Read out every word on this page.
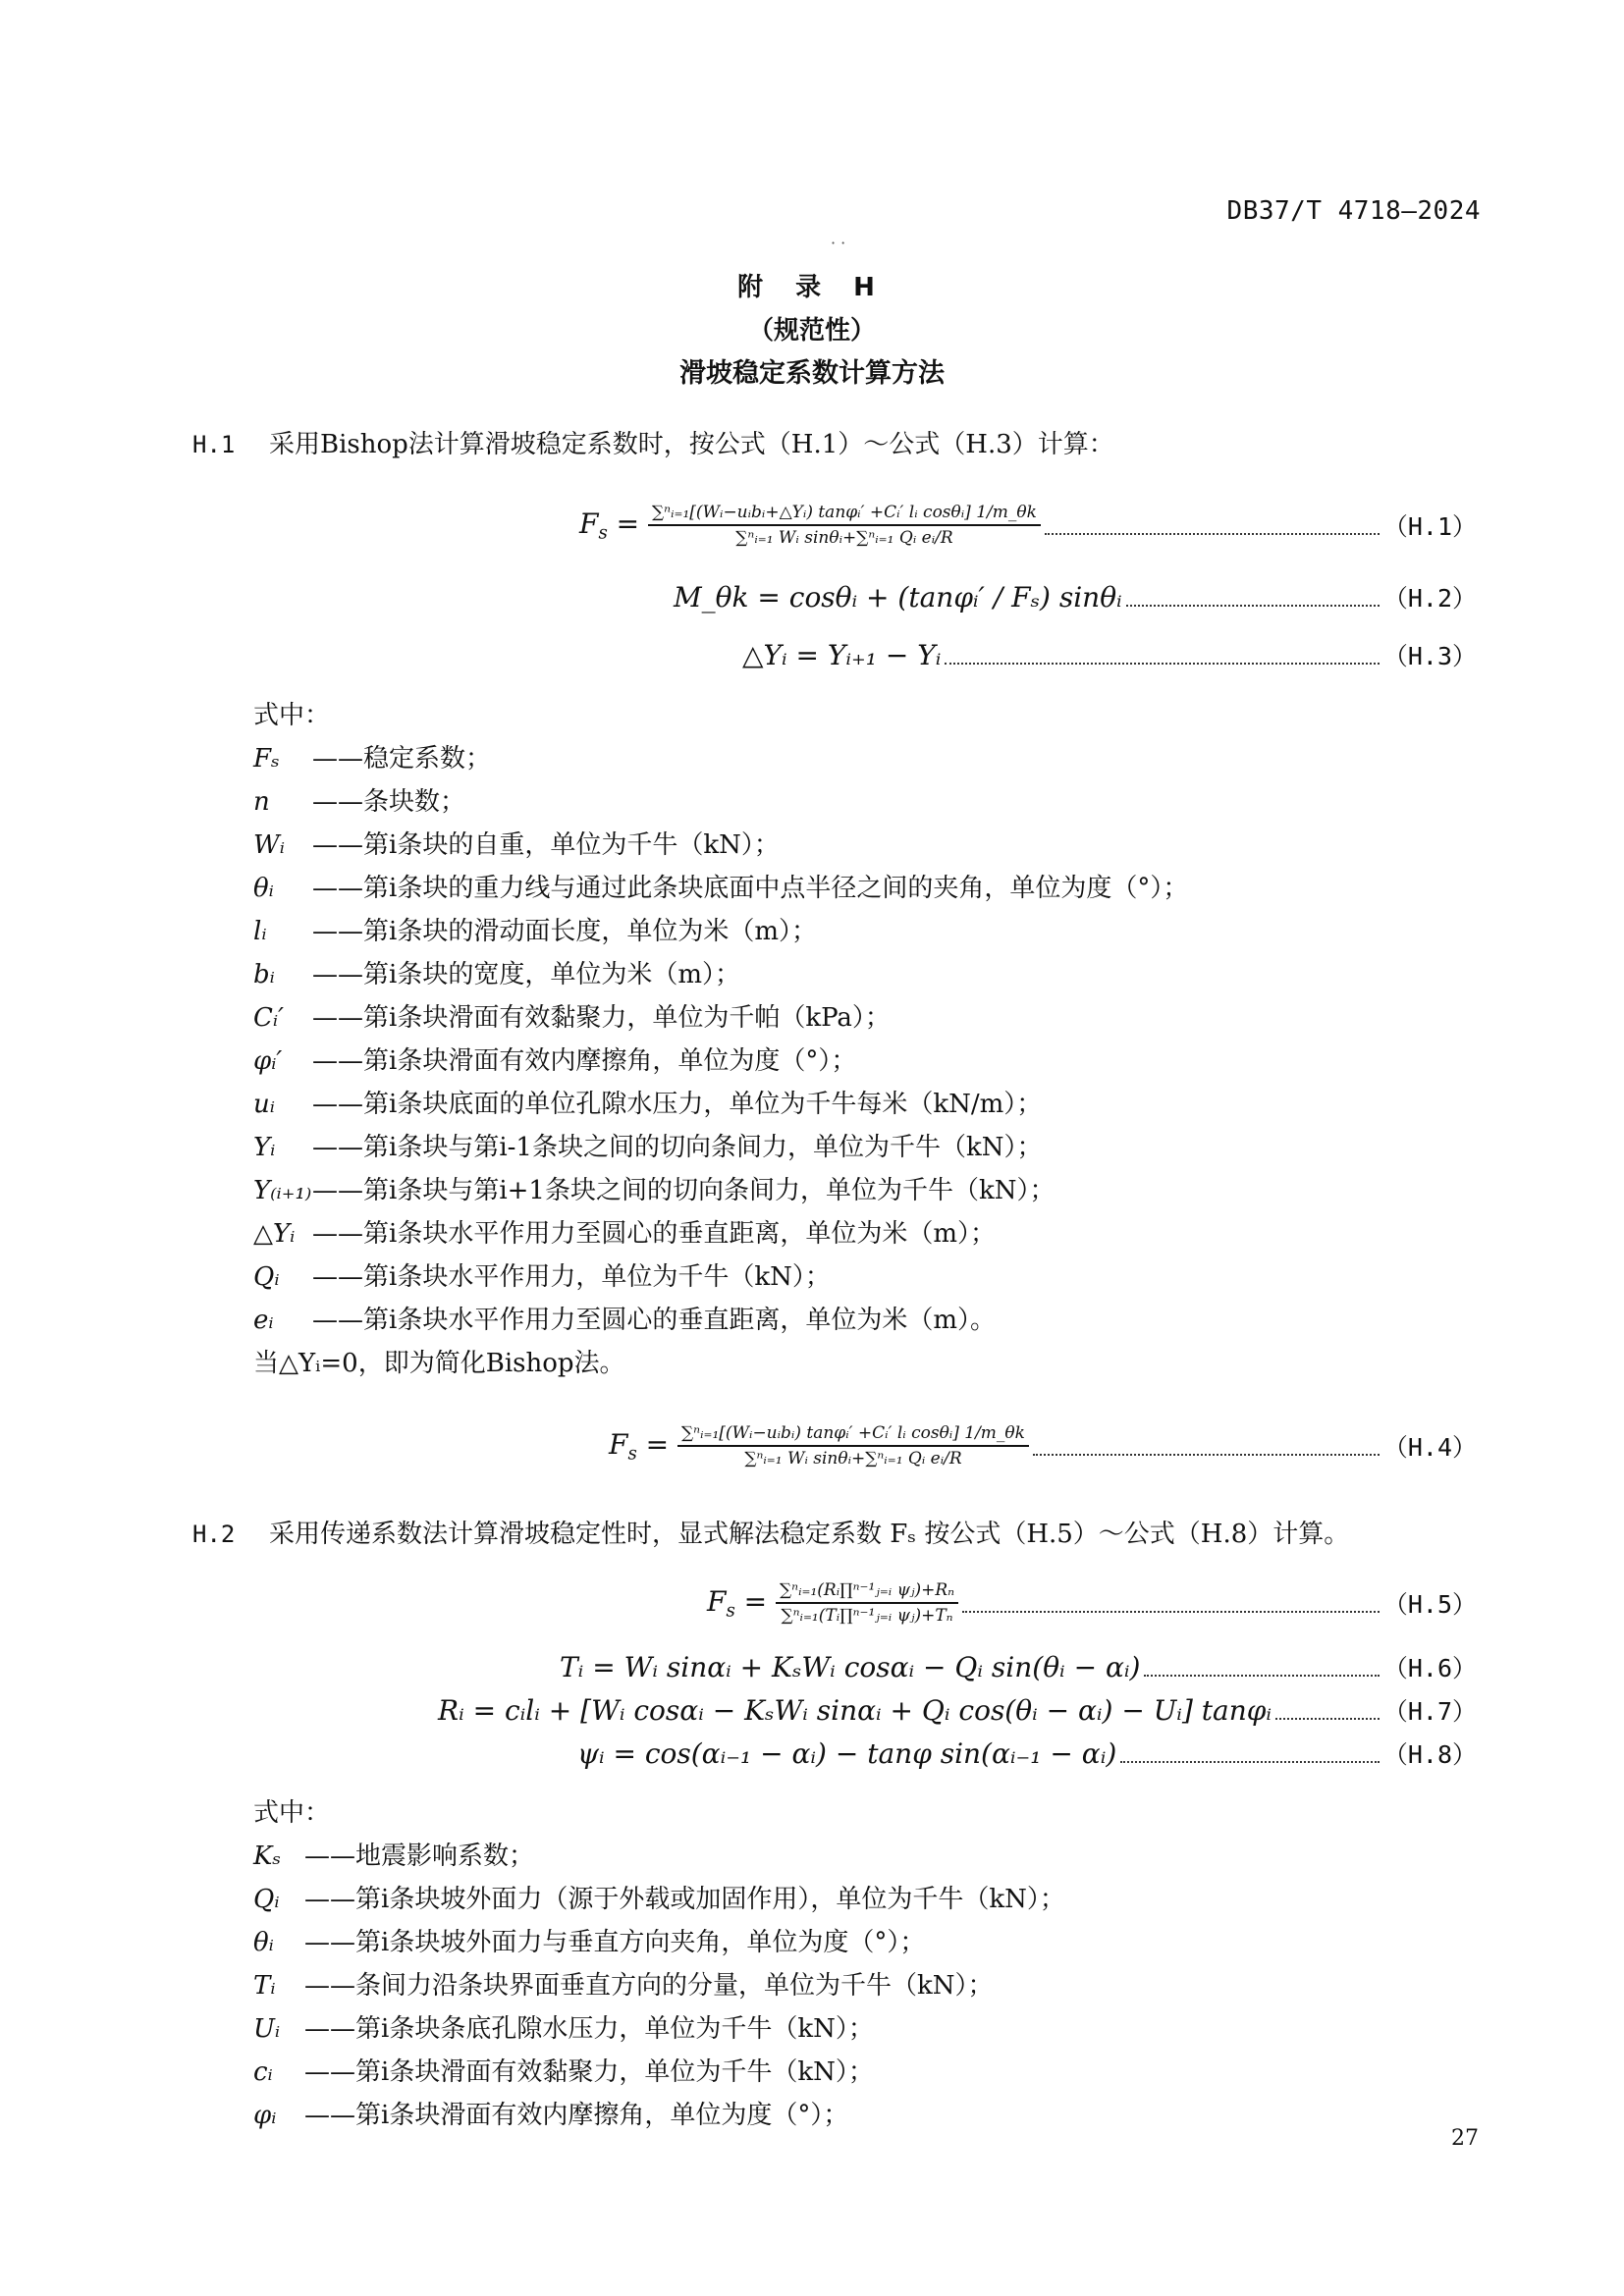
DB37/T 4718—2024
· ·
附 录 H
（规范性）
滑坡稳定系数计算方法
H.1 采用Bishop法计算滑坡稳定系数时，按公式（H.1）～公式（H.3）计算：
$F_s = \frac{\text{∑ⁿᵢ₌₁[(Wᵢ−uᵢbᵢ+△Yᵢ) tanφᵢ′ +Cᵢ′ lᵢ cosθᵢ] 1/m\_θk}}{\text{∑ⁿᵢ₌₁ Wᵢ sinθᵢ+∑ⁿᵢ₌₁ Qᵢ eᵢ/R}}$	（H.1）
M_θk = cosθᵢ + (tanφᵢ′ / Fₛ) sinθᵢ	（H.2）
△Yᵢ = Yᵢ₊₁ − Yᵢ	（H.3）
式中：
Fₛ ——稳定系数；
n ——条块数；
Wᵢ ——第i条块的自重，单位为千牛（kN）；
θᵢ ——第i条块的重力线与通过此条块底面中点半径之间的夹角，单位为度（°）；
lᵢ ——第i条块的滑动面长度，单位为米（m）；
bᵢ ——第i条块的宽度，单位为米（m）；
Cᵢ′ ——第i条块滑面有效黏聚力，单位为千帕（kPa）；
φᵢ′ ——第i条块滑面有效内摩擦角，单位为度（°）；
uᵢ ——第i条块底面的单位孔隙水压力，单位为千牛每米（kN/m）；
Yᵢ ——第i条块与第i-1条块之间的切向条间力，单位为千牛（kN）；
Y₍ᵢ₊₁₎——第i条块与第i+1条块之间的切向条间力，单位为千牛（kN）；
△Yᵢ ——第i条块水平作用力至圆心的垂直距离，单位为米（m）；
Qᵢ ——第i条块水平作用力，单位为千牛（kN）；
eᵢ ——第i条块水平作用力至圆心的垂直距离，单位为米（m）。
当△Yᵢ=0，即为简化Bishop法。
$F_s = \frac{\text{∑ⁿᵢ₌₁[(Wᵢ−uᵢbᵢ) tanφᵢ′ +Cᵢ′ lᵢ cosθᵢ] 1/m\_θk}}{\text{∑ⁿᵢ₌₁ Wᵢ sinθᵢ+∑ⁿᵢ₌₁ Qᵢ eᵢ/R}}$	（H.4）
H.2 采用传递系数法计算滑坡稳定性时，显式解法稳定系数 Fₛ 按公式（H.5）～公式（H.8）计算。
$F_s = \frac{\text{∑ⁿᵢ₌₁(Rᵢ∏ⁿ⁻¹ⱼ₌ᵢ ψⱼ)+Rₙ}}{\text{∑ⁿᵢ₌₁(Tᵢ∏ⁿ⁻¹ⱼ₌ᵢ ψⱼ)+Tₙ}}$	（H.5）
Tᵢ = Wᵢ sinαᵢ + KₛWᵢ cosαᵢ − Qᵢ sin(θᵢ − αᵢ)	（H.6）
Rᵢ = cᵢlᵢ + [Wᵢ cosαᵢ − KₛWᵢ sinαᵢ + Qᵢ cos(θᵢ − αᵢ) − Uᵢ] tanφᵢ	（H.7）
ψᵢ = cos(αᵢ₋₁ − αᵢ) − tanφ sin(αᵢ₋₁ − αᵢ)	（H.8）
式中：
Kₛ ——地震影响系数；
Qᵢ ——第i条块坡外面力（源于外载或加固作用），单位为千牛（kN）；
θᵢ ——第i条块坡外面力与垂直方向夹角，单位为度（°）；
Tᵢ ——条间力沿条块界面垂直方向的分量，单位为千牛（kN）；
Uᵢ ——第i条块条底孔隙水压力，单位为千牛（kN）；
cᵢ ——第i条块滑面有效黏聚力，单位为千牛（kN）；
φᵢ ——第i条块滑面有效内摩擦角，单位为度（°）；
27
